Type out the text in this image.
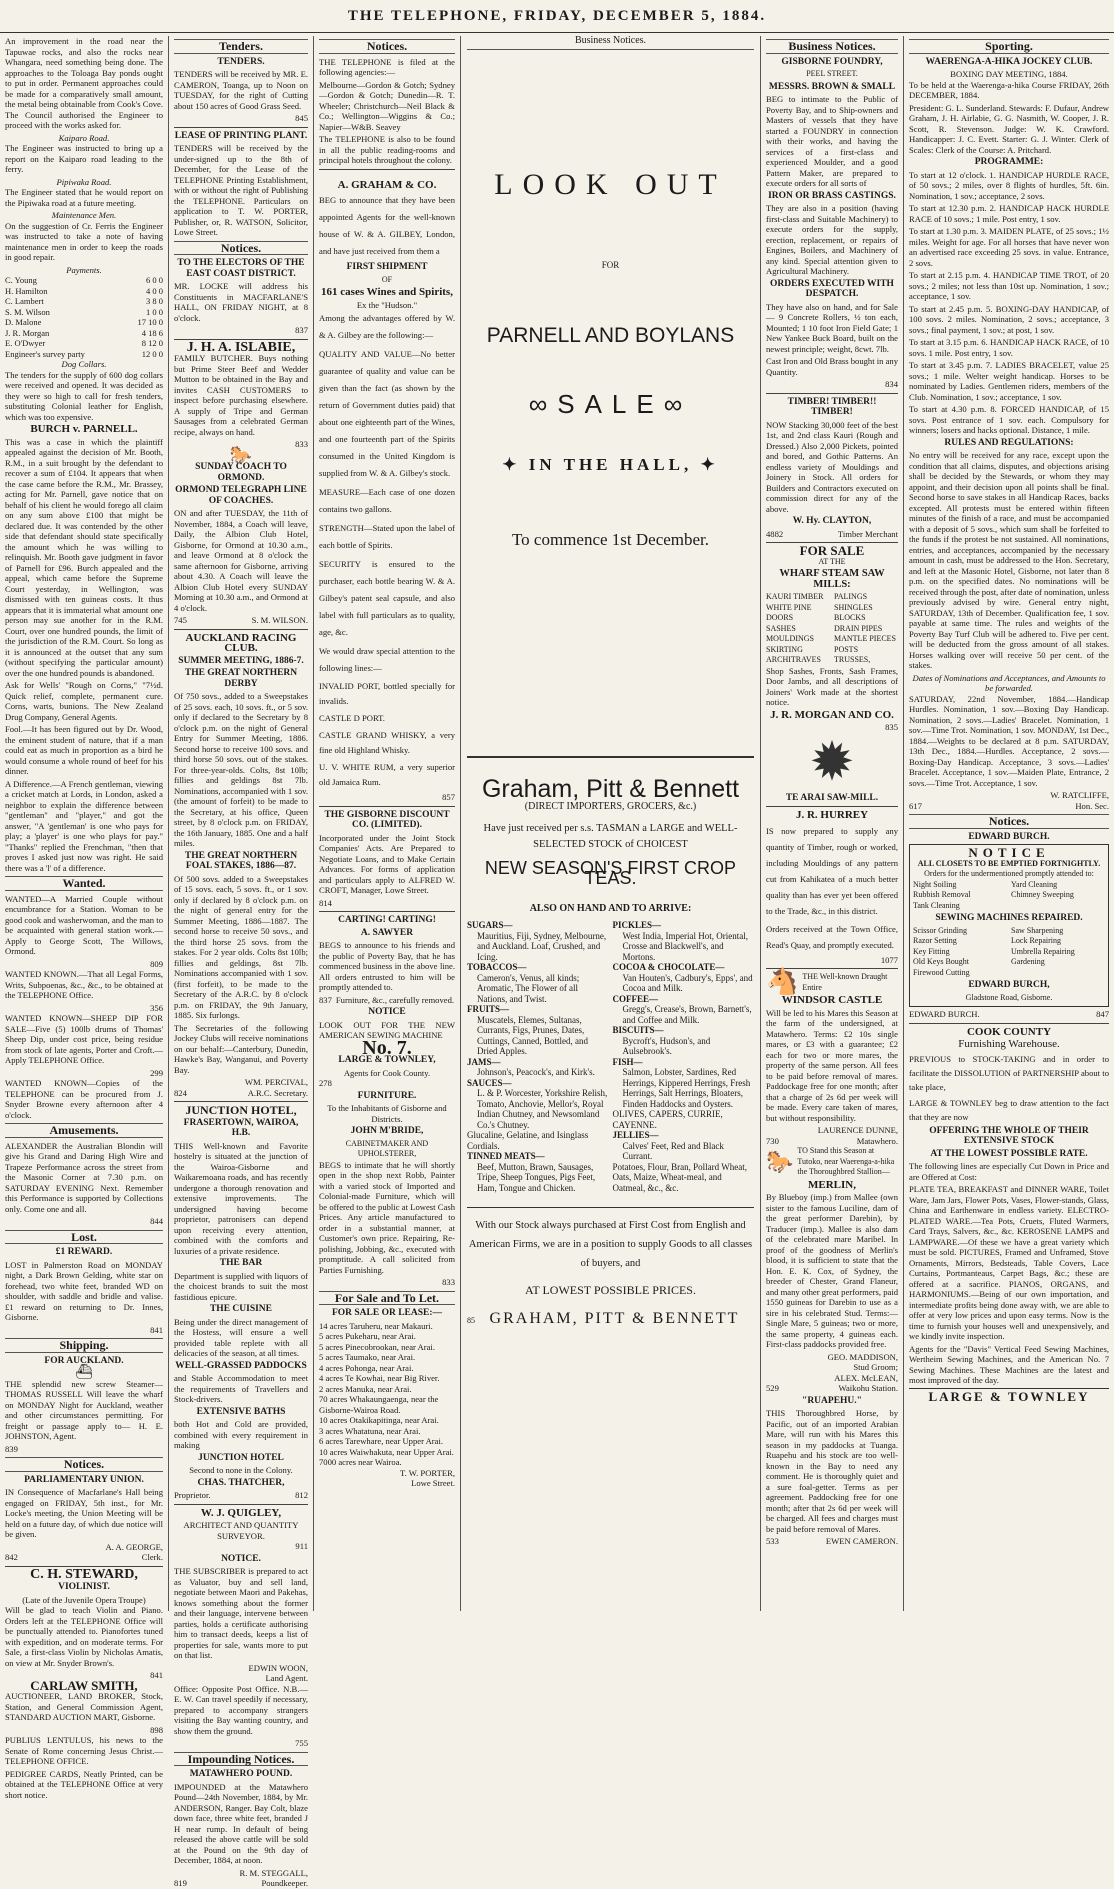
THE TELEPHONE, FRIDAY, DECEMBER 5, 1884.

An improvement in the road near the Tapuwae rocks, and also the rocks near Whangara, need something being done. The approaches to the Toloaga Bay ponds ought to put in order. Permanent approaches could be made for a comparatively small amount, the metal being obtainable from Cook's Cove. The Council authorised the Engineer to proceed with the works asked for.

Kaiparo Road.

The Engineer was instructed to bring up a report on the Kaiparo road leading to the ferry.

Pipiwaka Road.

The Engineer stated that he would report on the Pipiwaka road at a future meeting.

Maintenance Men.

On the suggestion of Cr. Ferris the Engineer was instructed to take a note of having maintenance men in order to keep the roads in good repair.

Payments.
C. Young	6 0 0
H. Hamilton	4 0 0
C. Lambert	3 8 0
S. M. Wilson	1 0 0
D. Malone	17 10 0
J. R. Morgan	4 18 6
E. O'Dwyer	8 12 0
Engineer's survey party	12 0 0
Dog Collars.

The tenders for the supply of 600 dog collars were received and opened. It was decided as they were so high to call for fresh tenders, substituting Colonial leather for English, which was too expensive.

BURCH v. PARNELL.

This was a case in which the plaintiff appealed against the decision of Mr. Booth, R.M., in a suit brought by the defendant to recover a sum of £104. It appears that when the case came before the R.M., Mr. Brassey, acting for Mr. Parnell, gave notice that on behalf of his client he would forego all claim on any sum above £100 that might be declared due. It was contended by the other side that defendant should state specifically the amount which he was willing to relinquish. Mr. Booth gave judgment in favor of Parnell for £96. Burch appealed and the appeal, which came before the Supreme Court yesterday, in Wellington, was dismissed with ten guineas costs. It thus appears that it is immaterial what amount one person may sue another for in the R.M. Court, over one hundred pounds, the limit of the jurisdiction of the R.M. Court. So long as it is announced at the outset that any sum (without specifying the particular amount) over the one hundred pounds is abandoned.

Ask for Wells' "Rough on Corns," "7½d. Quick relief, complete, permanent cure. Corns, warts, bunions. The New Zealand Drug Company, General Agents.

Fool.—It has been figured out by Dr. Wood, the eminent student of nature, that if a man could eat as much in proportion as a bird he would consume a whole round of beef for his dinner.

A Difference.—A French gentleman, viewing a cricket match at Lords, in London, asked a neighbor to explain the difference between "gentleman" and "player," and got the answer, "A 'gentleman' is one who pays for play; a 'player' is one who plays for pay." "Thanks" replied the Frenchman, "then that proves I asked just now was right. He said there was a 'l' of a difference.

Wanted.

WANTED—A Married Couple without encumbrance for a Station. Woman to be good cook and washerwoman, and the man to be acquainted with general station work.—Apply to George Scott, The Willows, Ormond.

809

WANTED KNOWN.—That all Legal Forms, Writs, Subpoenas, &c., &c., to be obtained at the TELEPHONE Office.

356

WANTED KNOWN—SHEEP DIP FOR SALE—Five (5) 100lb drums of Thomas' Sheep Dip, under cost price, being residue from stock of late agents, Porter and Croft.—Apply TELEPHONE Office.

299

WANTED KNOWN—Copies of the TELEPHONE can be procured from J. Snyder Browne every afternoon after 4 o'clock.

Amusements.

ALEXANDER the Australian Blondin will give his Grand and Daring High Wire and Trapeze Performance across the street from the Masonic Corner at 7.30 p.m. on SATURDAY EVENING Next. Remember this Performance is supported by Collections only. Come one and all.

844
Lost.
£1 REWARD.

LOST in Palmerston Road on MONDAY night, a Dark Brown Gelding, white star on forehead, two white feet, branded WD on shoulder, with saddle and bridle and valise. £1 reward on returning to Dr. Innes, Gisborne.

841
Shipping.
FOR AUCKLAND.
⛴

THE splendid new screw Steamer— THOMAS RUSSELL Will leave the wharf on MONDAY Night for Auckland, weather and other circumstances permitting. For freight or passage apply to— H. E. JOHNSTON, Agent.

839
Notices.
PARLIAMENTARY UNION.

IN Consequence of Macfarlane's Hall being engaged on FRIDAY, 5th inst., for Mr. Locke's meeting, the Union Meeting will be held on a future day, of which due notice will be given.

A. A. GEORGE,
842	Clerk.
C. H. STEWARD,
VIOLINIST.
(Late of the Juvenile Opera Troupe)

Will be glad to teach Violin and Piano. Orders left at the TELEPHONE Office will be punctually attended to. Pianofortes tuned with expedition, and on moderate terms. For Sale, a first-class Violin by Nicholas Amatis, on view at Mr. Snyder Brown's.

841
CARLAW SMITH,

AUCTIONEER, LAND BROKER, Stock, Station, and General Commission Agent, STANDARD AUCTION MART, Gisborne.

898

PUBLIUS LENTULUS, his news to the Senate of Rome concerning Jesus Christ.—TELEPHONE OFFICE.

PEDIGREE CARDS, Neatly Printed, can be obtained at the TELEPHONE Office at very short notice.

Tenders.
TENDERS.

TENDERS will be received by MR. E. CAMERON, Toanga, up to Noon on TUESDAY, for the right of Cutting about 150 acres of Good Grass Seed.

845
LEASE OF PRINTING PLANT.

TENDERS will be received by the under-signed up to the 8th of December, for the Lease of the TELEPHONE Printing Establishment, with or without the right of Publishing the TELEPHONE. Particulars on application to T. W. PORTER, Publisher, or, R. WATSON, Solicitor, Lowe Street.

Notices.
TO THE ELECTORS OF THE EAST COAST DISTRICT.

MR. LOCKE will address his Constituents in MACFARLANE'S HALL, ON FRIDAY NIGHT, at 8 o'clock.

837
J. H. A. ISLABIE,

FAMILY BUTCHER. Buys nothing but Prime Steer Beef and Wedder Mutton to be obtained in the Bay and invites CASH CUSTOMERS to inspect before purchasing elsewhere. A supply of Tripe and German Sausages from a celebrated German recipe, always on hand.

833
🐎
SUNDAY COACH TO ORMOND.
ORMOND TELEGRAPH LINE OF COACHES.

ON and after TUESDAY, the 11th of November, 1884, a Coach will leave, Daily, the Albion Club Hotel, Gisborne, for Ormond at 10.30 a.m., and leave Ormond at 8 o'clock the same afternoon for Gisborne, arriving about 4.30. A Coach will leave the Albion Club Hotel every SUNDAY Morning at 10.30 a.m., and Ormond at 4 o'clock.

745	S. M. WILSON.
AUCKLAND RACING CLUB.
SUMMER MEETING, 1886-7.
THE GREAT NORTHERN DERBY

Of 750 sovs., added to a Sweepstakes of 25 sovs. each, 10 sovs. ft., or 5 sov. only if declared to the Secretary by 8 o'clock p.m. on the night of General Entry for Summer Meeting, 1886. Second horse to receive 100 sovs. and third horse 50 sovs. out of the stakes. For three-year-olds. Colts, 8st 10lb; fillies and geldings 8st 7lb. Nominations, accompanied with 1 sov. (the amount of forfeit) to be made to the Secretary, at his office, Queen street, by 8 o'clock p.m. on FRIDAY, the 16th January, 1885. One and a half miles.

THE GREAT NORTHERN FOAL STAKES, 1886—87.

Of 500 sovs. added to a Sweepstakes of 15 sovs. each, 5 sovs. ft., or 1 sov. only if declared by 8 o'clock p.m. on the night of general entry for the Summer Meeting, 1886—1887. The second horse to receive 50 sovs., and the third horse 25 sovs. from the stakes. For 2 year olds. Colts 8st 10lb; fillies and geldings, 8st 7lb. Nominations accompanied with 1 sov. (first forfeit), to be made to the Secretary of the A.R.C. by 8 o'clock p.m. on FRIDAY, the 9th January, 1885. Six furlongs.

The Secretaries of the following Jockey Clubs will receive nominations on our behalf:—Canterbury, Dunedin, Hawke's Bay, Wanganui, and Poverty Bay.

WM. PERCIVAL,
824	A.R.C. Secretary.
JUNCTION HOTEL,
FRASERTOWN, WAIROA, H.B.

THIS Well-known and Favorite hostelry is situated at the junction of the Wairoa-Gisborne and Waikaremoana roads, and has recently undergone a thorough renovation and extensive improvements. The undersigned having become proprietor, patronisers can depend upon receiving every attention, combined with the comforts and luxuries of a private residence.

THE BAR

Department is supplied with liquors of the choicest brands to suit the most fastidious epicure.

THE CUISINE

Being under the direct management of the Hostess, will ensure a well provided table replete with all delicacies of the season, at all times.

WELL-GRASSED PADDOCKS

and Stable Accommodation to meet the requirements of Travellers and Stock-drivers.

EXTENSIVE BATHS

both Hot and Cold are provided, combined with every requirement in making

JUNCTION HOTEL
Second to none in the Colony.
CHAS. THATCHER,
Proprietor.	812
W. J. QUIGLEY,
ARCHITECT AND QUANTITY SURVEYOR.
911
NOTICE.

THE SUBSCRIBER is prepared to act as Valuator, buy and sell land, negotiate between Maori and Pakehas, knows something about the former and their language, intervene between parties, holds a certificate authorising him to transact deeds, keeps a list of properties for sale, wants more to put on that list.

EDWIN WOON,
Land Agent.

Office: Opposite Post Office. N.B.—E. W. Can travel speedily if necessary, prepared to accompany strangers visiting the Bay wanting country, and show them the ground.

755
Impounding Notices.
MATAWHERO POUND.

IMPOUNDED at the Matawhero Pound—24th November, 1884, by Mr. ANDERSON, Ranger. Bay Colt, blaze down face, three white feet, branded J H near rump. In default of being released the above cattle will be sold at the Pound on the 9th day of December, 1884, at noon.

R. M. STEGGALL,
819	Poundkeeper.
Notices.

THE TELEPHONE is filed at the following agencies:—

Melbourne—Gordon & Gotch; Sydney—Gordon & Gotch; Dunedin—R. T. Wheeler; Christchurch—Neil Black & Co.; Wellington—Wiggins & Co.; Napier—W&B. Seavey

The TELEPHONE is also to be found in all the public reading-rooms and principal hotels throughout the colony.

A. GRAHAM & CO.

BEG to announce that they have been appointed Agents for the well-known house of W. & A. GILBEY, London, and have just received from them a

FIRST SHIPMENT
OF
161 cases Wines and Spirits,
Ex the "Hudson."

Among the advantages offered by W. & A. Gilbey are the following:—

QUALITY AND VALUE—No better guarantee of quality and value can be given than the fact (as shown by the return of Government duties paid) that about one eighteenth part of the Wines, and one fourteenth part of the Spirits consumed in the United Kingdom is supplied from W. & A. Gilbey's stock.

MEASURE—Each case of one dozen contains two gallons.

STRENGTH—Stated upon the label of each bottle of Spirits.

SECURITY is ensured to the purchaser, each bottle bearing W. & A. Gilbey's patent seal capsule, and also label with full particulars as to quality, age, &c.

We would draw special attention to the following lines:—

INVALID PORT, bottled specially for invalids.

CASTLE D PORT.

CASTLE GRAND WHISKY, a very fine old Highland Whisky.

U. V. WHITE RUM, a very superior old Jamaica Rum.

857
THE GISBORNE DISCOUNT CO. (LIMITED).

Incorporated under the Joint Stock Companies' Acts. Are Prepared to Negotiate Loans, and to Make Certain Advances. For forms of application and particulars apply to ALFRED W. CROFT, Manager, Lowe Street.

814
CARTING! CARTING!
A. SAWYER

BEGS to announce to his friends and the public of Poverty Bay, that he has commenced business in the above line. All orders entrusted to him will be promptly attended to.

837 Furniture, &c., carefully removed.
NOTICE

LOOK OUT FOR THE NEW AMERICAN SEWING MACHINE

No. 7.
LARGE & TOWNLEY,
Agents for Cook County.
278
FURNITURE.
To the Inhabitants of Gisborne and Districts.
JOHN M'BRIDE,
CABINETMAKER AND UPHOLSTERER,

BEGS to intimate that he will shortly open in the shop next Robb, Painter with a varied stock of Imported and Colonial-made Furniture, which will be offered to the public at Lowest Cash Prices. Any article manufactured to order in a substantial manner, at Customer's own price. Repairing, Re-polishing, Jobbing, &c., executed with promptitude. A call solicited from Parties Furnishing.

833
For Sale and To Let.
FOR SALE OR LEASE:—
14 acres Taruheru, near Makauri.
5 acres Pukeharu, near Arai.
5 acres Pinecobrookan, near Arai.
5 acres Taumako, near Arai.
4 acres Pohonga, near Arai.
4 acres Te Kowhai, near Big River.
2 acres Manuka, near Arai.
70 acres Whakaungaenga, near the Gisborne-Wairoa Road.
10 acres Otakikapitinga, near Arai.
3 acres Whatatuna, near Arai.
6 acres Tarewhare, near Upper Arai.
10 acres Waiwhakuta, near Upper Arai.
7000 acres near Wairoa.
T. W. PORTER,
Lowe Street.
Business Notices.
LOOK OUT
FOR
PARNELL AND BOYLANS
∞SALE∞
✦ IN THE HALL, ✦
To commence 1st December.
Graham, Pitt & Bennett
(DIRECT IMPORTERS, GROCERS, &c.)
Have just received per s.s. TASMAN a LARGE and WELL-SELECTED STOCK of CHOICEST
NEW SEASON'S FIRST CROP TEAS.
ALSO ON HAND AND TO ARRIVE:
SUGARS—
Mauritius, Fiji, Sydney, Melbourne, and Auckland. Loaf, Crushed, and Icing.
TOBACCOS—
Cameron's, Venus, all kinds; Aromatic, The Flower of all Nations, and Twist.
FRUITS—
Muscatels, Elemes, Sultanas, Currants, Figs, Prunes, Dates, Cuttings, Canned, Bottled, and Dried Apples.
JAMS—
Johnson's, Peacock's, and Kirk's.
SAUCES—
L. & P. Worcester, Yorkshire Relish, Tomato, Anchovie, Mellor's, Royal Indian Chutney, and Newsomland Co.'s Chutney.
Glucaline, Gelatine, and Isinglass Cordials.
TINNED MEATS—
Beef, Mutton, Brawn, Sausages, Tripe, Sheep Tongues, Pigs Feet, Ham, Tongue and Chicken.
PICKLES—
West India, Imperial Hot, Oriental, Crosse and Blackwell's, and Mortons.
COCOA & CHOCOLATE—
Van Houten's, Cadbury's, Epps', and Cocoa and Milk.
COFFEE—
Gregg's, Crease's, Brown, Barnett's, and Coffee and Milk.
BISCUITS—
Bycroft's, Hudson's, and Aulsebrook's.
FISH—
Salmon, Lobster, Sardines, Red Herrings, Kippered Herrings, Fresh Herrings, Salt Herrings, Bloaters, Finden Haddocks and Oysters.
OLIVES, CAPERS, CURRIE, CAYENNE.
JELLIES—
Calves' Feet, Red and Black Currant.
Potatoes, Flour, Bran, Pollard Wheat, Oats, Maize, Wheat-meal, and Oatmeal, &c., &c.
With our Stock always purchased at First Cost from English and American Firms, we are in a position to supply Goods to all classes of buyers, and
AT LOWEST POSSIBLE PRICES.
85 GRAHAM, PITT & BENNETT
Business Notices.
GISBORNE FOUNDRY,
PEEL STREET.
MESSRS. BROWN & SMALL

BEG to intimate to the Public of Poverty Bay, and to Ship-owners and Masters of vessels that they have started a FOUNDRY in connection with their works, and having the services of a first-class and experienced Moulder, and a good Pattern Maker, are prepared to execute orders for all sorts of

IRON OR BRASS CASTINGS.

They are also in a position (having first-class and Suitable Machinery) to execute orders for the supply, erection, replacement, or repairs of Engines, Boilers, and Machinery of any kind. Special attention given to Agricultural Machinery.

ORDERS EXECUTED WITH DESPATCH.

They have also on hand, and for Sale— 9 Concrete Rollers, ½ ton each, Mounted; 1 10 foot Iron Field Gate; 1 New Yankee Buck Board, built on the newest principle; weight, 8cwt. 7lb.

Cast Iron and Old Brass bought in any Quantity.

834
TIMBER! TIMBER!! TIMBER!

NOW Stacking 30,000 feet of the best 1st, and 2nd class Kauri (Rough and Dressed.) Also 2,000 Pickets, pointed and bored, and Gothic Patterns. An endless variety of Mouldings and Joinery in Stock. All orders for Builders and Contractors executed on commission direct for any of the above.

W. Hy. CLAYTON,
4882	Timber Merchant
FOR SALE
AT THE
WHARF STEAM SAW MILLS:
KAURI TIMBER
WHITE PINE
DOORS
SASHES
MOULDINGS
SKIRTING
ARCHITRAVES
PALINGS
SHINGLES
BLOCKS
DRAIN PIPES
MANTLE PIECES
POSTS
TRUSSES,

Shop Sashes, Fronts, Sash Frames, Door Jambs, and all descriptions of Joiners' Work made at the shortest notice.

J. R. MORGAN AND CO.
835
✹
TE ARAI SAW-MILL.
J. R. HURREY

IS now prepared to supply any quantity of Timber, rough or worked, including Mouldings of any pattern cut from Kahikatea of a much better quality than has ever yet been offered to the Trade, &c., in this district.

Orders received at the Town Office, Read's Quay, and promptly executed.

1077
🐴 THE Well-known Draught Entire
WINDSOR CASTLE

Will be led to his Mares this Season at the farm of the undersigned, at Matawhero. Terms: £2 10s single mares, or £3 with a guarantee; £2 each for two or more mares, the property of the same person. All fees to be paid before removal of mares. Paddockage free for one month; after that a charge of 2s 6d per week will be made. Every care taken of mares, but without responsibility.

LAURENCE DUNNE,
730	Matawhero.
🐎 TO Stand this Season at Tutoko, near Waerenga-a-hika the Thoroughbred Stallion—
MERLIN,

By Blueboy (imp.) from Mallee (own sister to the famous Luciline, dam of the great performer Darebin), by Traducer (imp.). Mallee is also dam of the celebrated mare Maribel. In proof of the goodness of Merlin's blood, it is sufficient to state that the Hon. E. K. Cox, of Sydney, the breeder of Chester, Grand Flaneur, and many other great performers, paid 1550 guineas for Darebin to use as a sire in his celebrated Stud. Terms:—Single Mare, 5 guineas; two or more, the same property, 4 guineas each. First-class paddocks provided free.

GEO. MADDISON,
Stud Groom;
ALEX. McLEAN,
529	Waikohu Station.
"RUAPEHU."

THIS Thoroughbred Horse, by Pacific, out of an imported Arabian Mare, will run with his Mares this season in my paddocks at Tuanga. Ruapehu and his stock are too well-known in the Bay to need any comment. He is thoroughly quiet and a sure foal-getter. Terms as per agreement. Paddocking free for one month; after that 2s 6d per week will be charged. All fees and charges must be paid before removal of Mares.

533	EWEN CAMERON.
Sporting.
WAERENGA-A-HIKA JOCKEY CLUB.
BOXING DAY MEETING, 1884.

To be held at the Waerenga-a-hika Course FRIDAY, 26th DECEMBER, 1884.

President: G. L. Sunderland. Stewards: F. Dufaur, Andrew Graham, J. H. Airlabie, G. G. Nasmith, W. Cooper, J. R. Scott, R. Stevenson. Judge: W. K. Crawford. Handicapper: J. C. Evett. Starter: G. J. Winter. Clerk of Scales: Clerk of the Course: A. Pritchard.

PROGRAMME:

To start at 12 o'clock. 1. HANDICAP HURDLE RACE, of 50 sovs.; 2 miles, over 8 flights of hurdles, 5ft. 6in. Nomination, 1 sov.; acceptance, 2 sovs.

To start at 12.30 p.m. 2. HANDICAP HACK HURDLE RACE of 10 sovs.; 1 mile. Post entry, 1 sov.

To start at 1.30 p.m. 3. MAIDEN PLATE, of 25 sovs.; 1½ miles. Weight for age. For all horses that have never won an advertised race exceeding 25 sovs. in value. Entrance, 2 sovs.

To start at 2.15 p.m. 4. HANDICAP TIME TROT, of 20 sovs.; 2 miles; not less than 10st up. Nomination, 1 sov.; acceptance, 1 sov.

To start at 2.45 p.m. 5. BOXING-DAY HANDICAP, of 100 sovs. 2 miles. Nomination, 2 sovs.; acceptance, 3 sovs.; final payment, 1 sov.; at post, 1 sov.

To start at 3.15 p.m. 6. HANDICAP HACK RACE, of 10 sovs. 1 mile. Post entry, 1 sov.

To start at 3.45 p.m. 7. LADIES BRACELET, value 25 sovs.; 1 mile. Welter weight handicap. Horses to be nominated by Ladies. Gentlemen riders, members of the Club. Nomination, 1 sov.; acceptance, 1 sov.

To start at 4.30 p.m. 8. FORCED HANDICAP, of 15 sovs. Post entrance of 1 sov. each. Compulsory for winners; losers and hacks optional. Distance, 1 mile.

RULES AND REGULATIONS:

No entry will be received for any race, except upon the condition that all claims, disputes, and objections arising shall be decided by the Stewards, or whom they may appoint, and their decision upon all points shall be final. Second horse to save stakes in all Handicap Races, backs excepted. All protests must be entered within fifteen minutes of the finish of a race, and must be accompanied with a deposit of 5 sovs., which sum shall be forfeited to the funds if the protest be not sustained. All nominations, entries, and acceptances, accompanied by the necessary amount in cash, must be addressed to the Hon. Secretary, and left at the Masonic Hotel, Gisborne, not later than 8 p.m. on the specified dates. No nominations will be received through the post, after date of nomination, unless previously advised by wire. General entry night, SATURDAY, 13th of December. Qualification fee, 1 sov. payable at same time. The rules and weights of the Poverty Bay Turf Club will be adhered to. Five per cent. will be deducted from the gross amount of all stakes. Horses walking over will receive 50 per cent. of the stakes.

Dates of Nominations and Acceptances, and Amounts to be forwarded.

SATURDAY, 22nd November, 1884.—Handicap Hurdles. Nomination, 1 sov.—Boxing Day Handicap. Nomination, 2 sovs.—Ladies' Bracelet. Nomination, 1 sov.—Time Trot. Nomination, 1 sov. MONDAY, 1st Dec., 1884.—Weights to be declared at 8 p.m. SATURDAY, 13th Dec., 1884.—Hurdles. Acceptance, 2 sovs.—Boxing-Day Handicap. Acceptance, 3 sovs.—Ladies' Bracelet. Acceptance, 1 sov.—Maiden Plate, Entrance, 2 sovs.—Time Trot. Acceptance, 1 sov.

W. RATCLIFFE,
617	Hon. Sec.
Notices.
EDWARD BURCH.
NOTICE
ALL CLOSETS TO BE EMPTIED FORTNIGHTLY.
Orders for the undermentioned promptly attended to:
Night Soiling
Rubbish Removal
Tank Cleaning
Yard Cleaning
Chimney Sweeping
SEWING MACHINES REPAIRED.
Scissor Grinding
Razor Setting
Key Fitting
Old Keys Bought
Firewood Cutting
Saw Sharpening
Lock Repairing
Umbrella Repairing
Gardening
EDWARD BURCH,
Gladstone Road, Gisborne.
EDWARD BURCH.	847
COOK COUNTY
Furnishing Warehouse.

PREVIOUS to STOCK-TAKING and in order to facilitate the DISSOLUTION of PARTNERSHIP about to take place,

LARGE & TOWNLEY beg to draw attention to the fact that they are now

OFFERING THE WHOLE OF THEIR EXTENSIVE STOCK
AT THE LOWEST POSSIBLE RATE.

The following lines are especially Cut Down in Price and are Offered at Cost:

PLATE TEA, BREAKFAST and DINNER WARE, Toilet Ware, Jam Jars, Flower Pots, Vases, Flower-stands, Glass, China and Earthenware in endless variety. ELECTRO-PLATED WARE.—Tea Pots, Cruets, Fluted Warmers, Card Trays, Salvers, &c., &c. KEROSENE LAMPS and LAMPWARE.—Of these we have a great variety which must be sold. PICTURES, Framed and Unframed, Stove Ornaments, Mirrors, Bedsteads, Table Covers, Lace Curtains, Portmanteaus, Carpet Bags, &c.; these are offered at a sacrifice. PIANOS, ORGANS, and HARMONIUMS.—Being of our own importation, and intermediate profits being done away with, we are able to offer at very low prices and upon easy terms. Now is the time to furnish your houses well and unexpensively, and we kindly invite inspection.

Agents for the "Davis" Vertical Feed Sewing Machines, Wertheim Sewing Machines, and the American No. 7 Sewing Machines. These Machines are the latest and most improved of the day.

LARGE & TOWNLEY
